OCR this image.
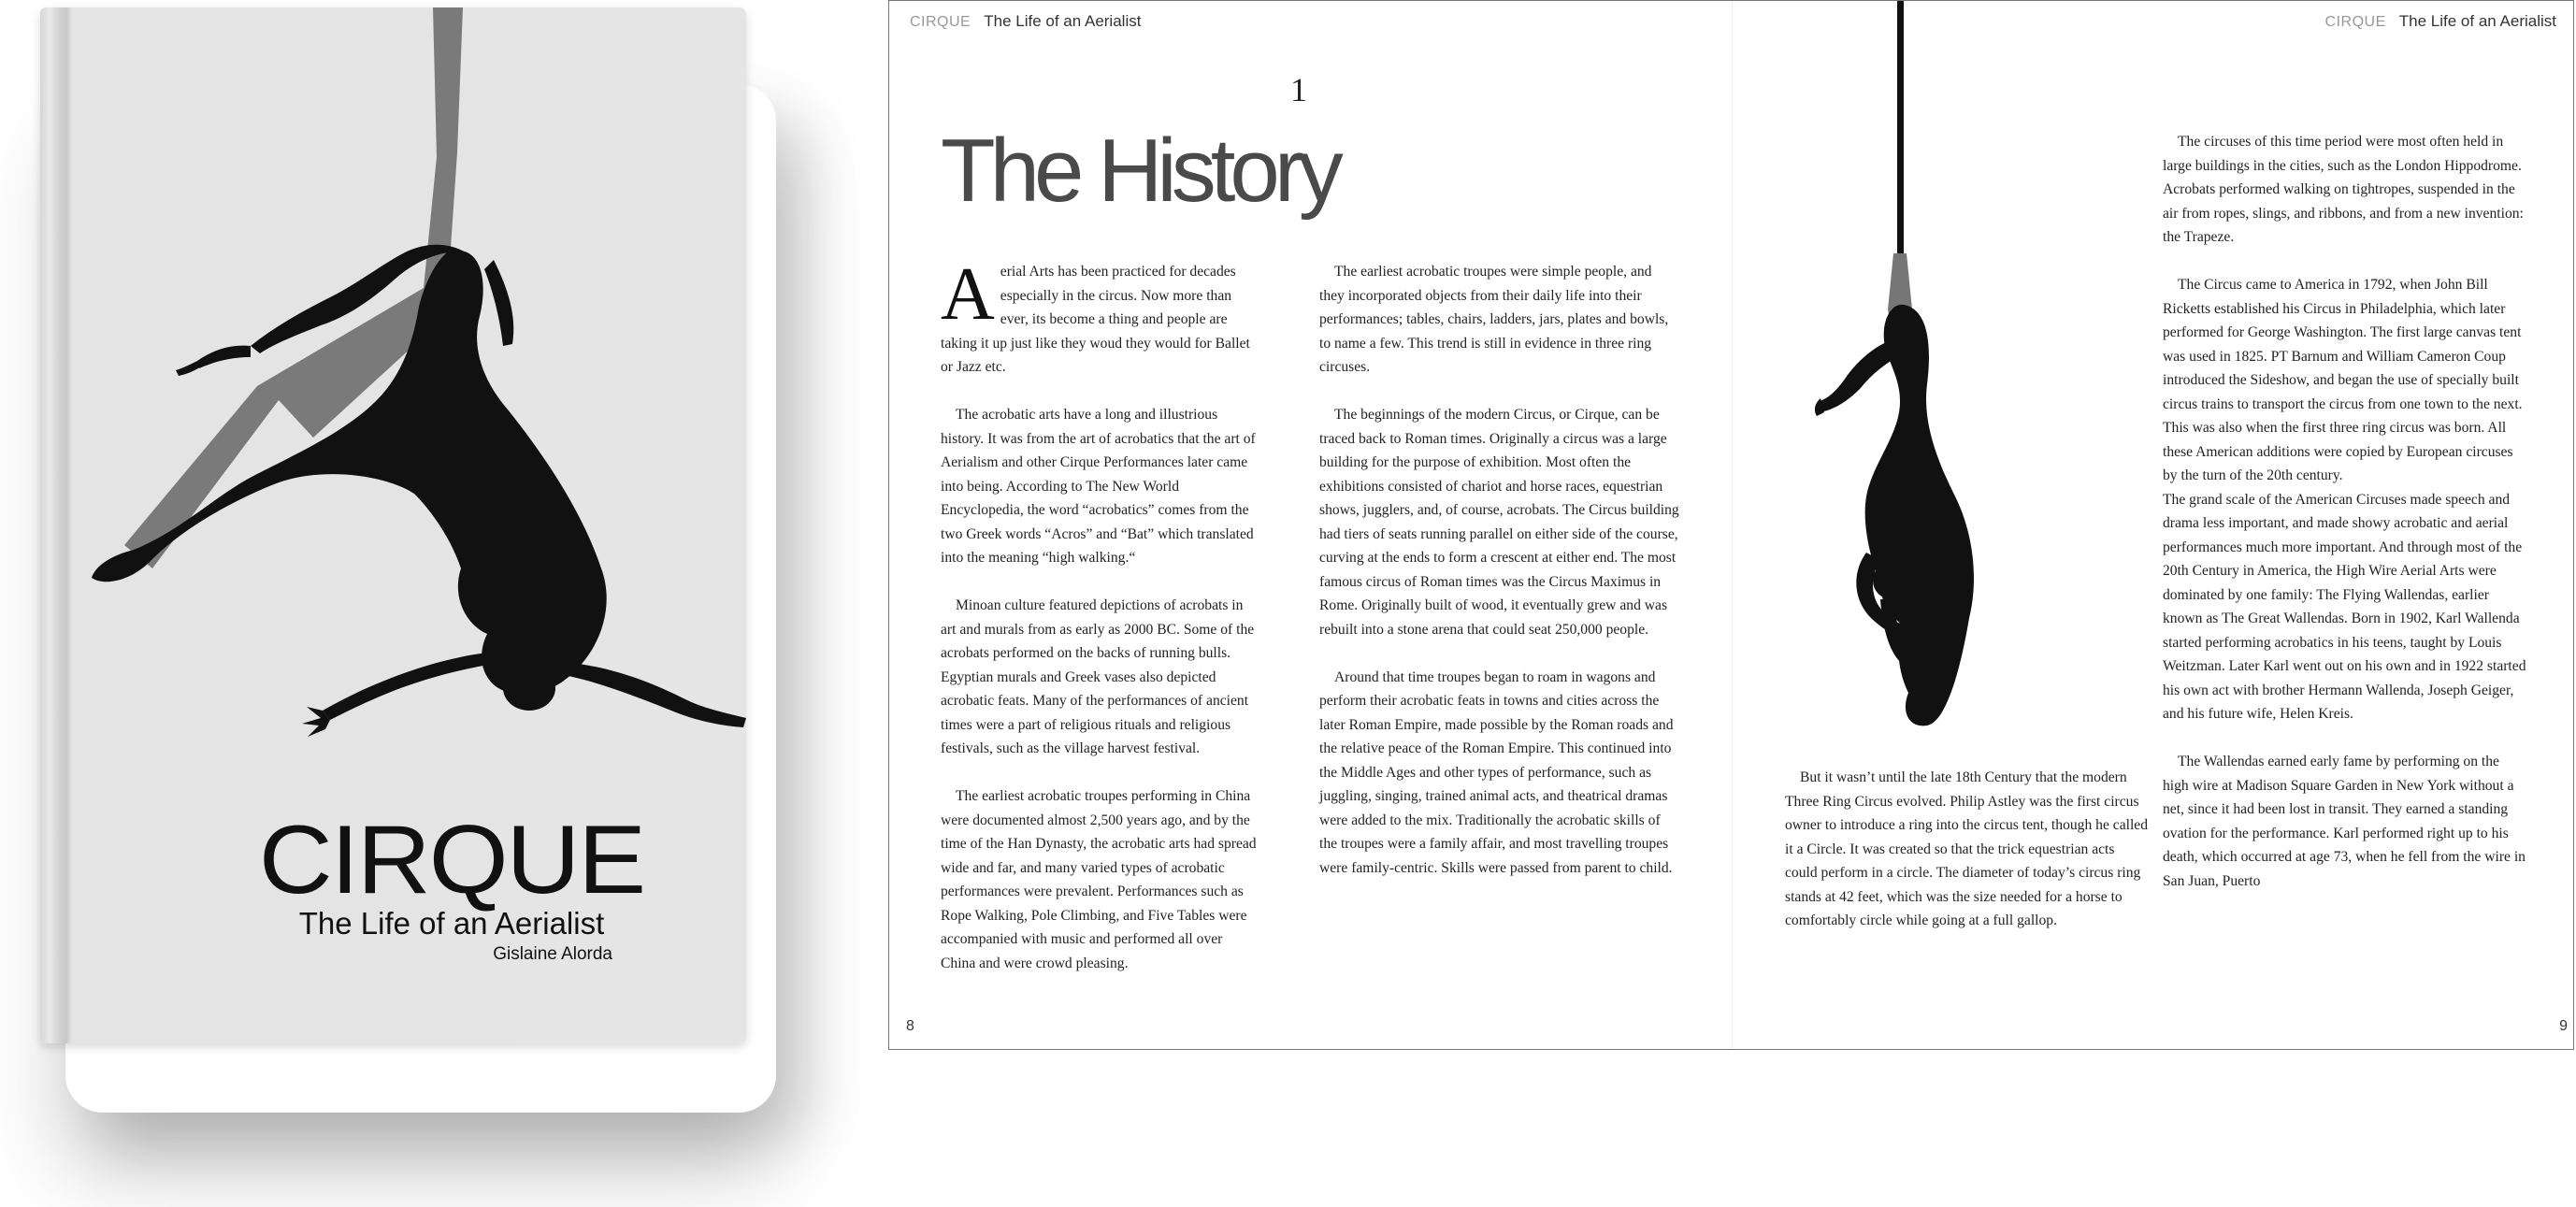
CIRQUE
The Life of an Aerialist
Gislaine Alorda
CIRQUE The Life of an Aerialist
1
The History

Aerial Arts has been practiced for decades especially in the circus. Now more than ever, its become a thing and people are taking it up just like they woud they would for Ballet or Jazz etc.

The acrobatic arts have a long and illustrious history. It was from the art of acrobatics that the art of Aerialism and other Cirque Performances later came into being. According to The New World Encyclopedia, the word “acrobatics” comes from the two Greek words “Acros” and “Bat” which translated into the meaning “high walking.“

Minoan culture featured depictions of acrobats in art and murals from as early as 2000 BC. Some of the acrobats performed on the backs of running bulls. Egyptian murals and Greek vases also depicted acrobatic feats. Many of the performances of ancient times were a part of religious rituals and religious festivals, such as the village harvest festival.

The earliest acrobatic troupes performing in China were documented almost 2,500 years ago, and by the time of the Han Dynasty, the acrobatic arts had spread wide and far, and many varied types of acrobatic performances were prevalent. Performances such as Rope Walking, Pole Climbing, and Five Tables were accompanied with music and performed all over China and were crowd pleasing.

The earliest acrobatic troupes were simple people, and they incorporated objects from their daily life into their performances; tables, chairs, ladders, jars, plates and bowls, to name a few. This trend is still in evidence in three ring circuses.

The beginnings of the modern Circus, or Cirque, can be traced back to Roman times. Originally a circus was a large building for the purpose of exhibition. Most often the exhibitions consisted of chariot and horse races, equestrian shows, jugglers, and, of course, acrobats. The Circus building had tiers of seats running parallel on either side of the course, curving at the ends to form a crescent at either end. The most famous circus of Roman times was the Circus Maximus in Rome. Originally built of wood, it eventually grew and was rebuilt into a stone arena that could seat 250,000 people.

Around that time troupes began to roam in wagons and perform their acrobatic feats in towns and cities across the later Roman Empire, made possible by the Roman roads and the relative peace of the Roman Empire. This continued into the Middle Ages and other types of performance, such as juggling, singing, trained animal acts, and theatrical dramas were added to the mix. Traditionally the acrobatic skills of the troupes were a family affair, and most travelling troupes were family-centric. Skills were passed from parent to child.

8
CIRQUE The Life of an Aerialist

But it wasn’t until the late 18th Century that the modern Three Ring Circus evolved. Philip Astley was the first circus owner to introduce a ring into the circus tent, though he called it a Circle. It was created so that the trick equestrian acts could perform in a circle. The diameter of today’s circus ring stands at 42 feet, which was the size needed for a horse to comfortably circle while going at a full gallop.

The circuses of this time period were most often held in large buildings in the cities, such as the London Hippodrome. Acrobats performed walking on tightropes, suspended in the air from ropes, slings, and ribbons, and from a new invention: the Trapeze.

The Circus came to America in 1792, when John Bill Ricketts established his Circus in Philadelphia, which later performed for George Washington. The first large canvas tent was used in 1825. PT Barnum and William Cameron Coup introduced the Sideshow, and began the use of specially built circus trains to transport the circus from one town to the next. This was also when the first three ring circus was born. All these American additions were copied by European circuses by the turn of the 20th century.

The grand scale of the American Circuses made speech and drama less important, and made showy acrobatic and aerial performances much more important. And through most of the 20th Century in America, the High Wire Aerial Arts were dominated by one family: The Flying Wallendas, earlier known as The Great Wallendas. Born in 1902, Karl Wallenda started performing acrobatics in his teens, taught by Louis Weitzman. Later Karl went out on his own and in 1922 started his own act with brother Hermann Wallenda, Joseph Geiger, and his future wife, Helen Kreis.

The Wallendas earned early fame by performing on the high wire at Madison Square Garden in New York without a net, since it had been lost in transit. They earned a standing ovation for the performance. Karl performed right up to his death, which occurred at age 73, when he fell from the wire in San Juan, Puerto

9
